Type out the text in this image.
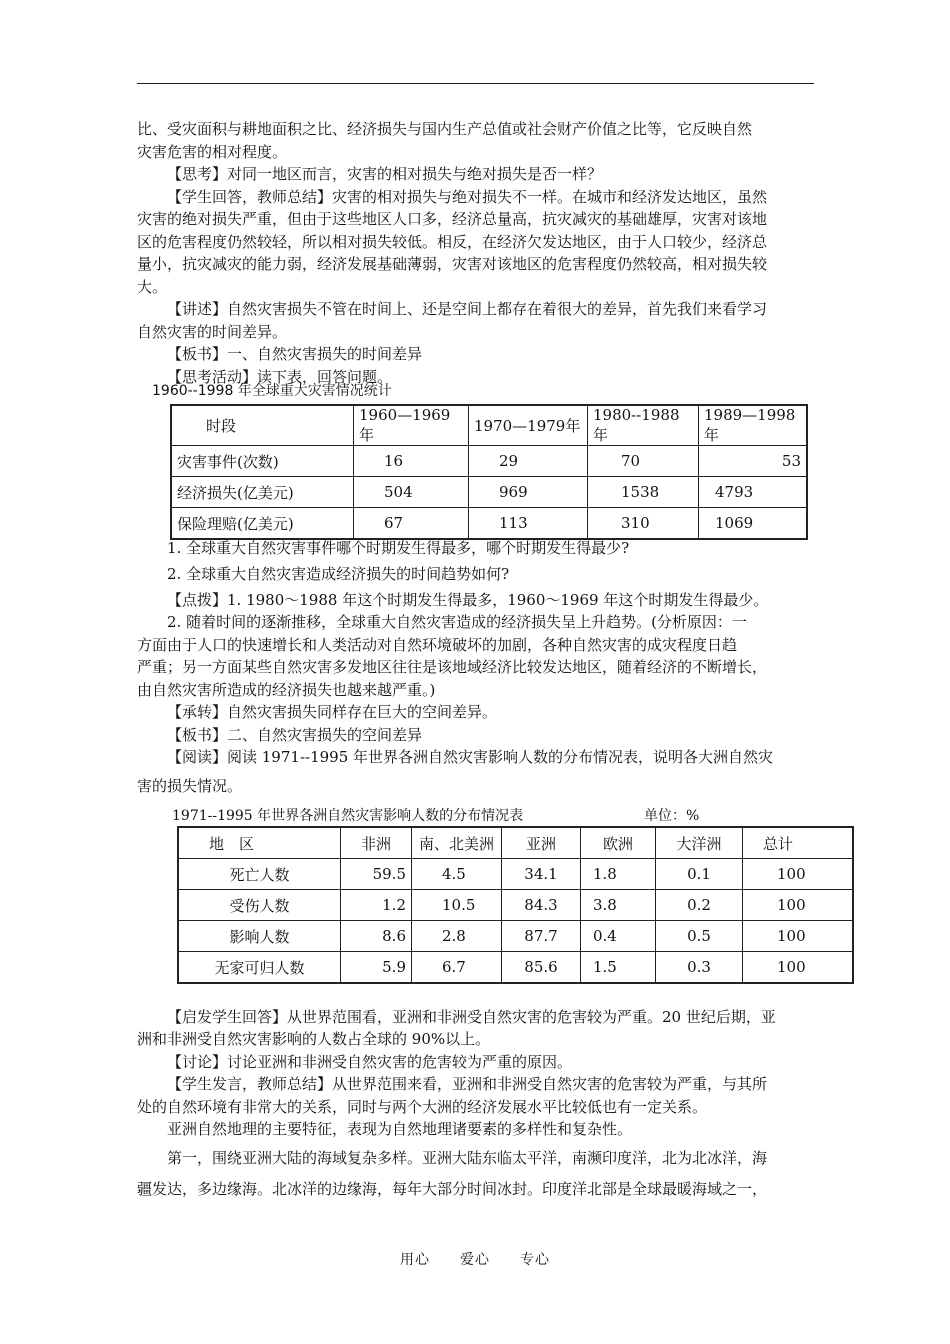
比、受灾面积与耕地面积之比、经济损失与国内生产总值或社会财产价值之比等，它反映自然

灾害危害的相对程度。

【思考】对同一地区而言，灾害的相对损失与绝对损失是否一样？

【学生回答，教师总结】灾害的相对损失与绝对损失不一样。在城市和经济发达地区，虽然

灾害的绝对损失严重，但由于这些地区人口多，经济总量高，抗灾减灾的基础雄厚，灾害对该地

区的危害程度仍然较轻，所以相对损失较低。相反，在经济欠发达地区，由于人口较少，经济总

量小，抗灾减灾的能力弱，经济发展基础薄弱，灾害对该地区的危害程度仍然较高，相对损失较

大。

【讲述】自然灾害损失不管在时间上、还是空间上都存在着很大的差异，首先我们来看学习

自然灾害的时间差异。

【板书】一、自然灾害损失的时间差异

【思考活动】读下表，回答问题。

1960--1998 年全球重大灾害情况统计

时段	1960—1969年	1970—1979年	1980--1988年	1989—1998年
灾害事件(次数)	16	29	70	53
经济损失(亿美元)	504	969	1538	4793
保险理赔(亿美元)	67	113	310	1069

1. 全球重大自然灾害事件哪个时期发生得最多，哪个时期发生得最少?

2. 全球重大自然灾害造成经济损失的时间趋势如何?

【点拨】1. 1980～1988 年这个时期发生得最多，1960～1969 年这个时期发生得最少。

2. 随着时间的逐渐推移，全球重大自然灾害造成的经济损失呈上升趋势。(分析原因：一

方面由于人口的快速增长和人类活动对自然环境破坏的加剧，各种自然灾害的成灾程度日趋

严重；另一方面某些自然灾害多发地区往往是该地域经济比较发达地区，随着经济的不断增长，

由自然灾害所造成的经济损失也越来越严重。)

【承转】自然灾害损失同样存在巨大的空间差异。

【板书】二、自然灾害损失的空间差异

【阅读】阅读 1971--1995 年世界各洲自然灾害影响人数的分布情况表，说明各大洲自然灾

害的损失情况。

1971--1995 年世界各洲自然灾害影响人数的分布情况表	单位：%
地　区	非洲	南、北美洲	亚洲	欧洲	大洋洲	总计
死亡人数	59.5	4.5	34.1	1.8	0.1	100
受伤人数	1.2	10.5	84.3	3.8	0.2	100
影响人数	8.6	2.8	87.7	0.4	0.5	100
无家可归人数	5.9	6.7	85.6	1.5	0.3	100

【启发学生回答】从世界范围看，亚洲和非洲受自然灾害的危害较为严重。20 世纪后期，亚

洲和非洲受自然灾害影响的人数占全球的 90%以上。

【讨论】讨论亚洲和非洲受自然灾害的危害较为严重的原因。

【学生发言，教师总结】从世界范围来看，亚洲和非洲受自然灾害的危害较为严重，与其所

处的自然环境有非常大的关系，同时与两个大洲的经济发展水平比较低也有一定关系。

亚洲自然地理的主要特征，表现为自然地理诸要素的多样性和复杂性。

第一，围绕亚洲大陆的海域复杂多样。亚洲大陆东临太平洋，南濒印度洋，北为北冰洋，海

疆发达，多边缘海。北冰洋的边缘海，每年大部分时间冰封。印度洋北部是全球最暖海域之一，

用心　　爱心　　专心
